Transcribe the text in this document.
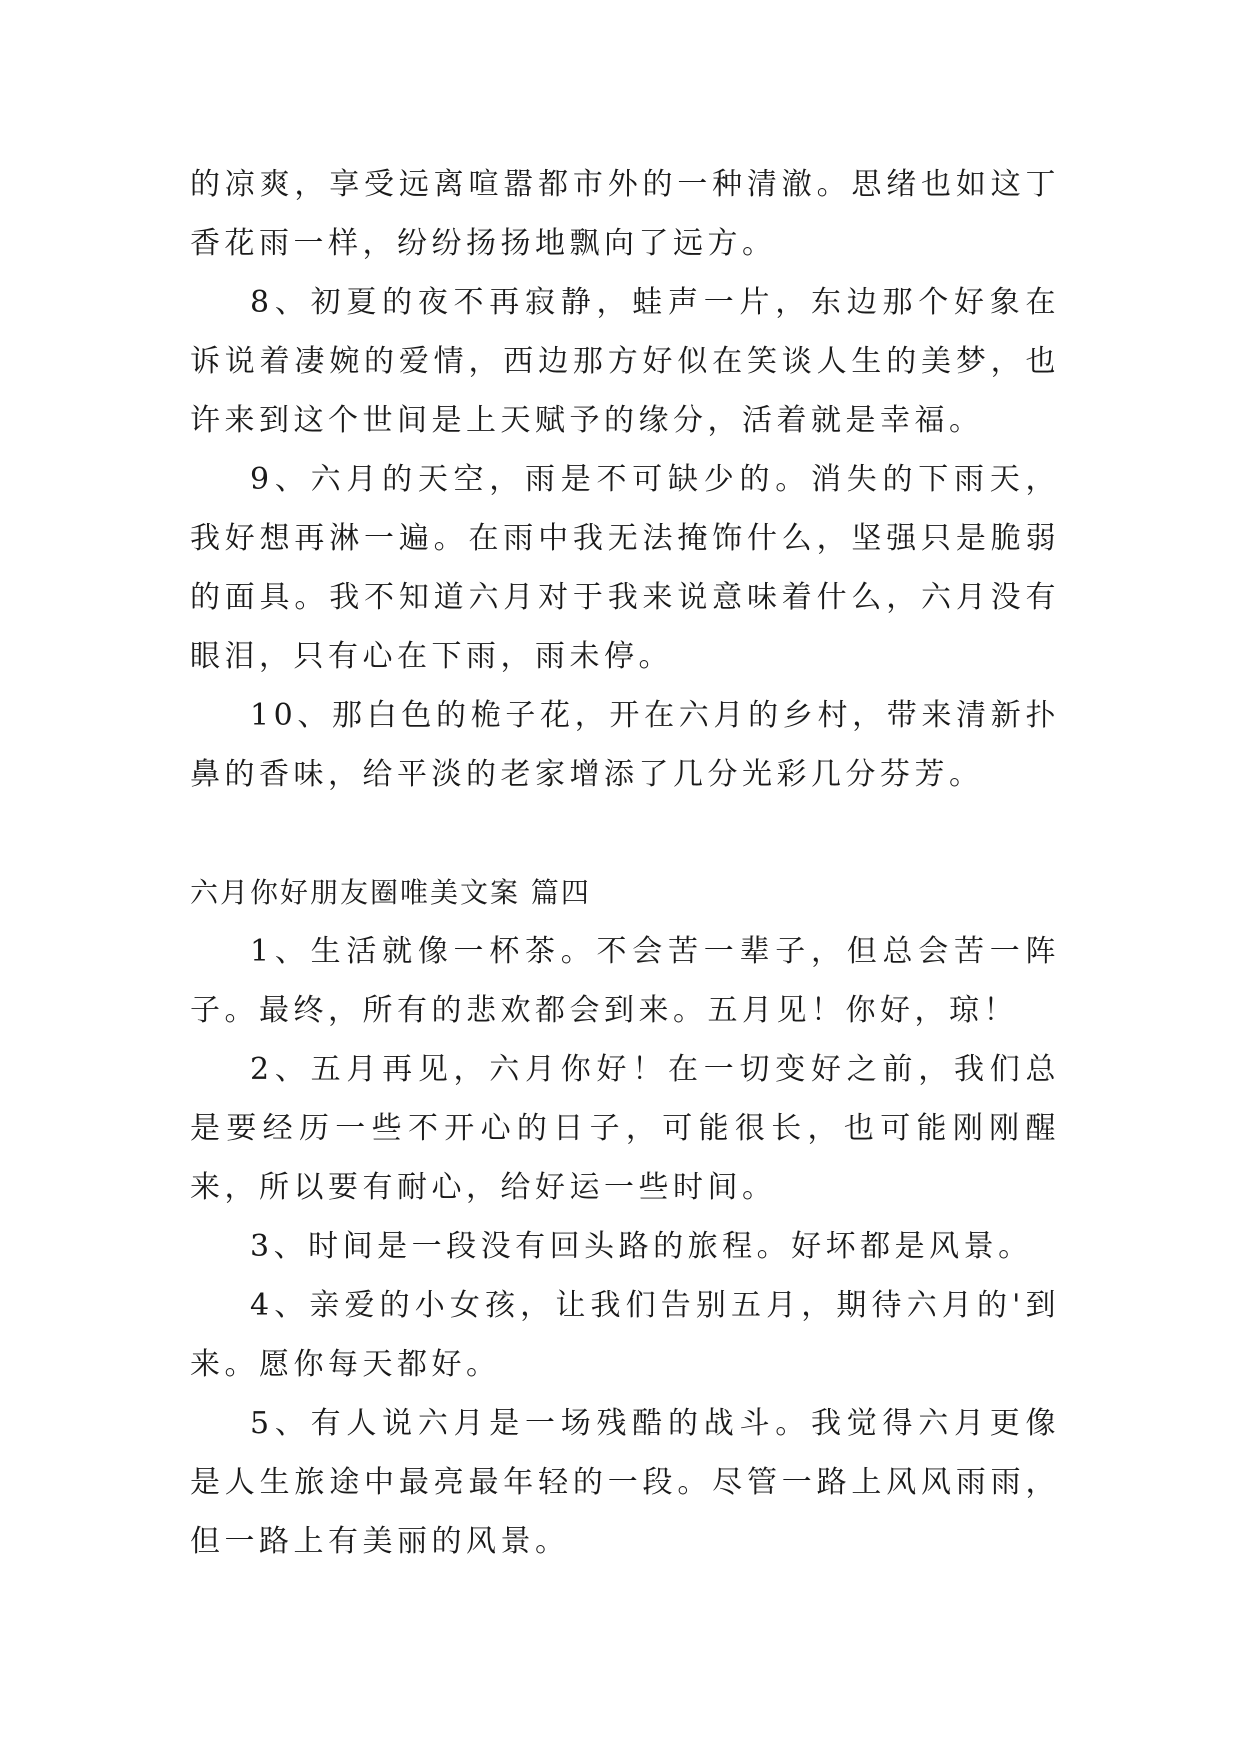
的凉爽，享受远离喧嚣都市外的一种清澈。思绪也如这丁香花雨一样，纷纷扬扬地飘向了远方。

8、初夏的夜不再寂静，蛙声一片，东边那个好象在诉说着凄婉的爱情，西边那方好似在笑谈人生的美梦，也许来到这个世间是上天赋予的缘分，活着就是幸福。

9、六月的天空，雨是不可缺少的。消失的下雨天，我好想再淋一遍。在雨中我无法掩饰什么，坚强只是脆弱的面具。我不知道六月对于我来说意味着什么，六月没有眼泪，只有心在下雨，雨未停。

10、那白色的桅子花，开在六月的乡村，带来清新扑鼻的香味，给平淡的老家增添了几分光彩几分芬芳。

六月你好朋友圈唯美文案 篇四

1、生活就像一杯茶。不会苦一辈子，但总会苦一阵子。最终，所有的悲欢都会到来。五月见！你好，琼！

2、五月再见，六月你好！在一切变好之前，我们总是要经历一些不开心的日子，可能很长，也可能刚刚醒来，所以要有耐心，给好运一些时间。

3、时间是一段没有回头路的旅程。好坏都是风景。

4、亲爱的小女孩，让我们告别五月，期待六月的'到来。愿你每天都好。

5、有人说六月是一场残酷的战斗。我觉得六月更像是人生旅途中最亮最年轻的一段。尽管一路上风风雨雨，但一路上有美丽的风景。
